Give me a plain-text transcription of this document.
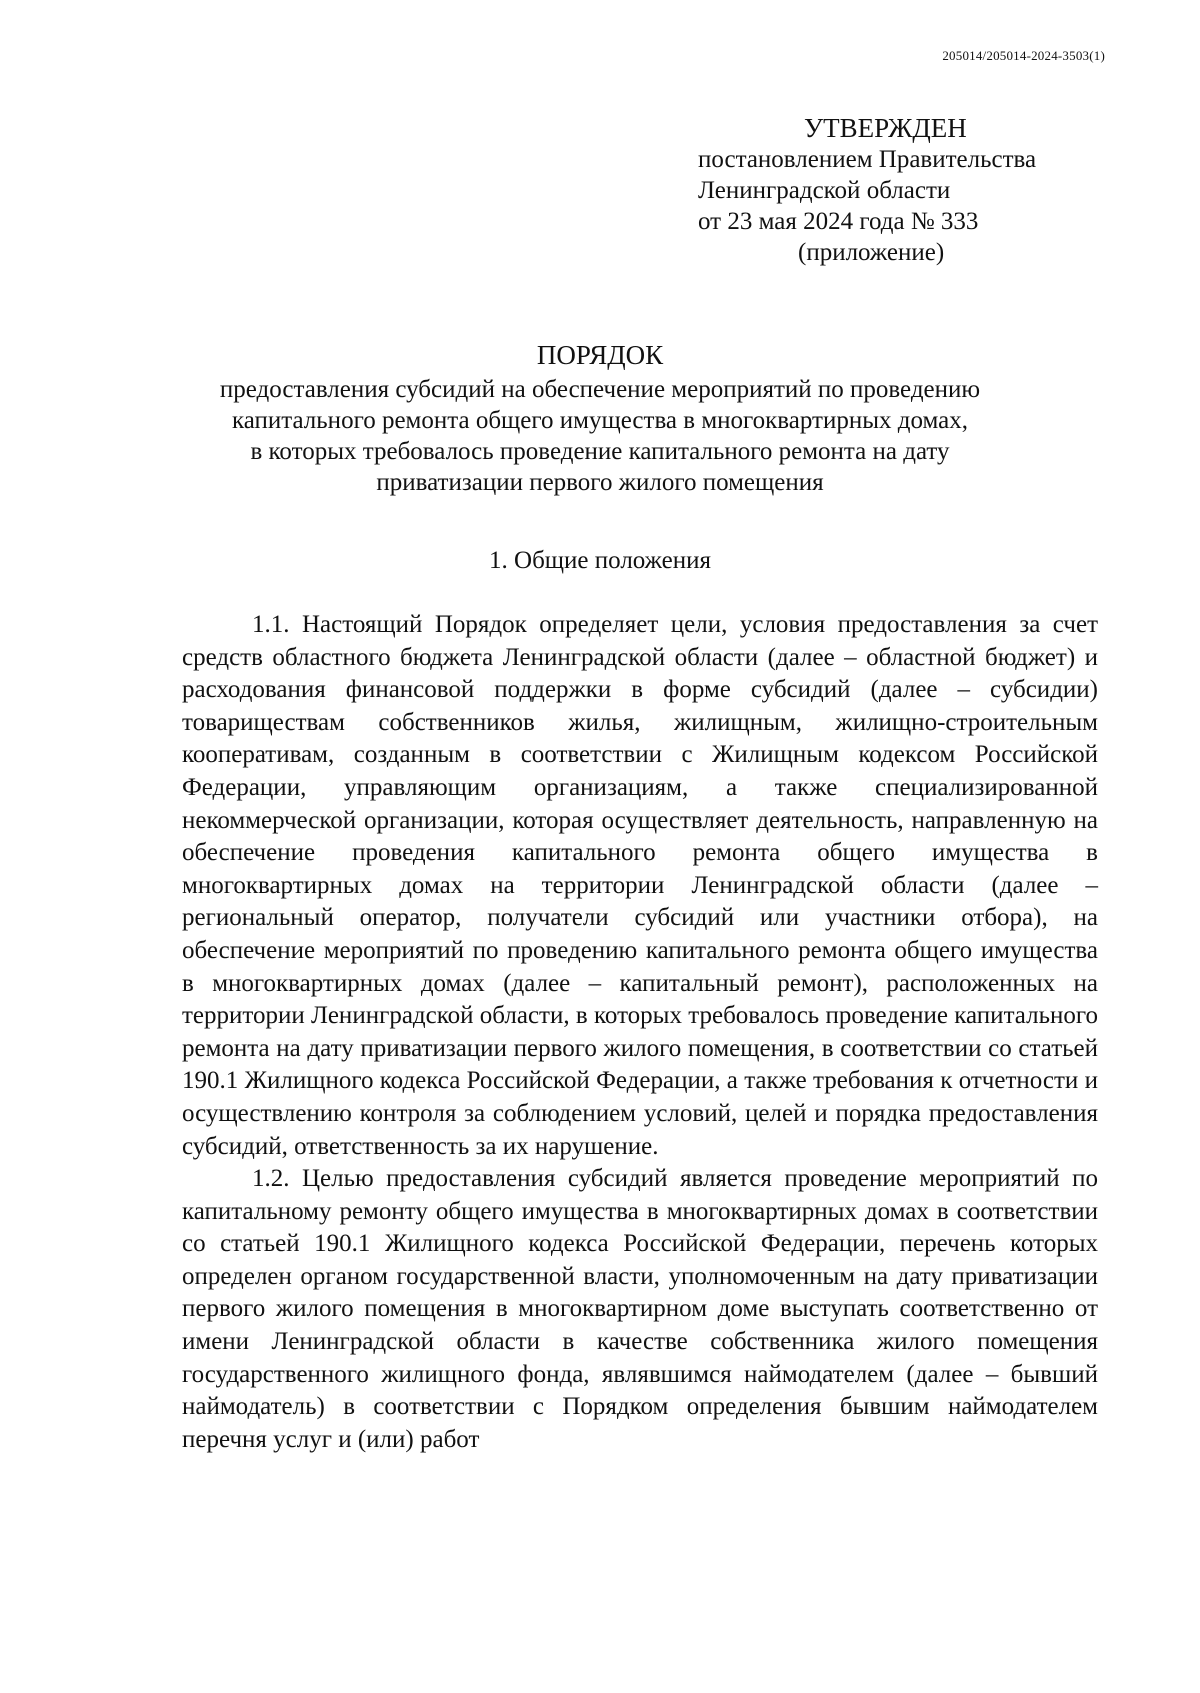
205014/205014-2024-3503(1)
УТВЕРЖДЕН
постановлением Правительства
Ленинградской области
от 23 мая 2024 года № 333
(приложение)
ПОРЯДОК
предоставления субсидий на обеспечение мероприятий по проведению
капитального ремонта общего имущества в многоквартирных домах,
в которых требовалось проведение капитального ремонта на дату
приватизации первого жилого помещения
1. Общие положения

1.1. Настоящий Порядок определяет цели, условия предоставления за счет средств областного бюджета Ленинградской области (далее – областной бюджет) и расходования финансовой поддержки в форме субсидий (далее – субсидии) товариществам собственников жилья, жилищным, жилищно-строительным кооперативам, созданным в соответствии с Жилищным кодексом Российской Федерации, управляющим организациям, а также специализированной некоммерческой организации, которая осуществляет деятельность, направленную на обеспечение проведения капитального ремонта общего имущества в многоквартирных домах на территории Ленинградской области (далее – региональный оператор, получатели субсидий или участники отбора), на обеспечение мероприятий по проведению капитального ремонта общего имущества в многоквартирных домах (далее – капитальный ремонт), расположенных на территории Ленинградской области, в которых требовалось проведение капитального ремонта на дату приватизации первого жилого помещения, в соответствии со статьей 190.1 Жилищного кодекса Российской Федерации, а также требования к отчетности и осуществлению контроля за соблюдением условий, целей и порядка предоставления субсидий, ответственность за их нарушение.

1.2. Целью предоставления субсидий является проведение мероприятий по капитальному ремонту общего имущества в многоквартирных домах в соответствии со статьей 190.1 Жилищного кодекса Российской Федерации, перечень которых определен органом государственной власти, уполномоченным на дату приватизации первого жилого помещения в многоквартирном доме выступать соответственно от имени Ленинградской области в качестве собственника жилого помещения государственного жилищного фонда, являвшимся наймодателем (далее – бывший наймодатель) в соответствии с Порядком определения бывшим наймодателем перечня услуг и (или) работ
